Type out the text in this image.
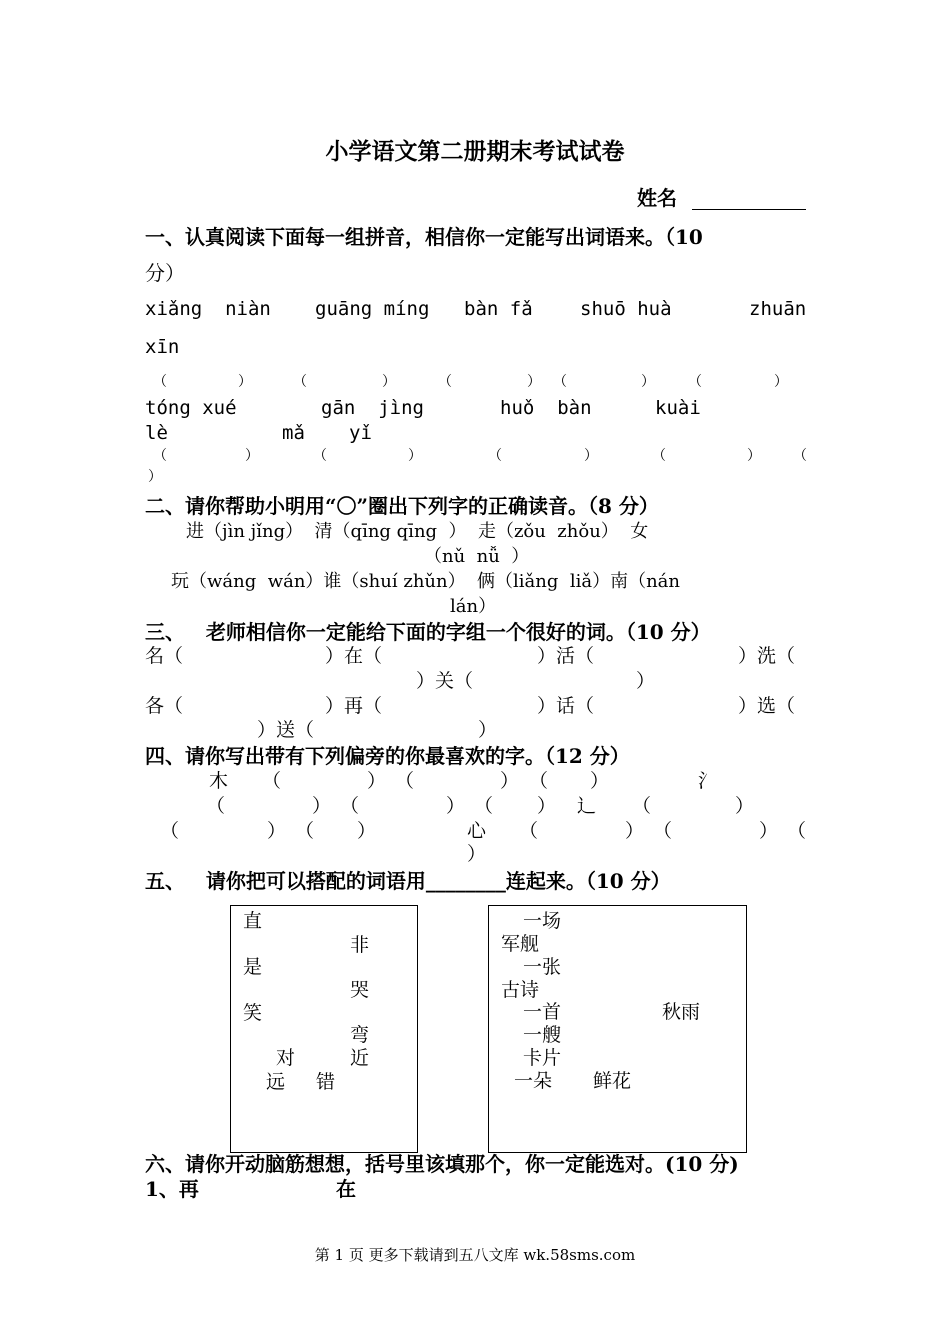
小学语文第二册期末考试试卷
姓名
一、认真阅读下面每一组拼音，相信你一定能写出词语来。（10
分）
xiǎng  niàn guāng míng bàn fǎ shuō huà	zhuān
xīn
（	）	（	）	（	） （	） （	）
tóng xué	gān  jìng	huǒ  bàn	kuài
lè	mǎ yǐ
（	）	（	）	（	）	（	） （
）
二、请你帮助小明用“〇”圈出下列字的正确读音。（8 分）
进（jìn jǐng）  清（qīng qīng  ）  走（zǒu  zhǒu）  女
（nǔ  nǚ  ）
玩（wáng  wán）谁（shuí zhǔn）  俩（liǎng  liǎ）南（nán
lán）
三、   老师相信你一定能给下面的字组一个很好的词。（10 分）
名（	）在（	）活（	）洗（
）关（	）
各（	）再（	）话（	）选（
）送（	）
四、请你写出带有下列偏旁的你最喜欢的字。（12 分）
木 （	） （	） （ ）	氵
（	） （	） （ ） 辶 （	）
（	） （ ）	心 （	） （	） （
）
五、   请你把可以搭配的词语用________连起来。（10 分）
直
非
是
哭
笑
弯
对	近
远 错
一场
军舰
一张
古诗
一首	秋雨
一艘
卡片
一朵 鲜花
六、请你开动脑筋想想，括号里该填那个，你一定能选对。(10 分)
1、再	在
第 1 页 更多下载请到五八文库 wk.58sms.com
